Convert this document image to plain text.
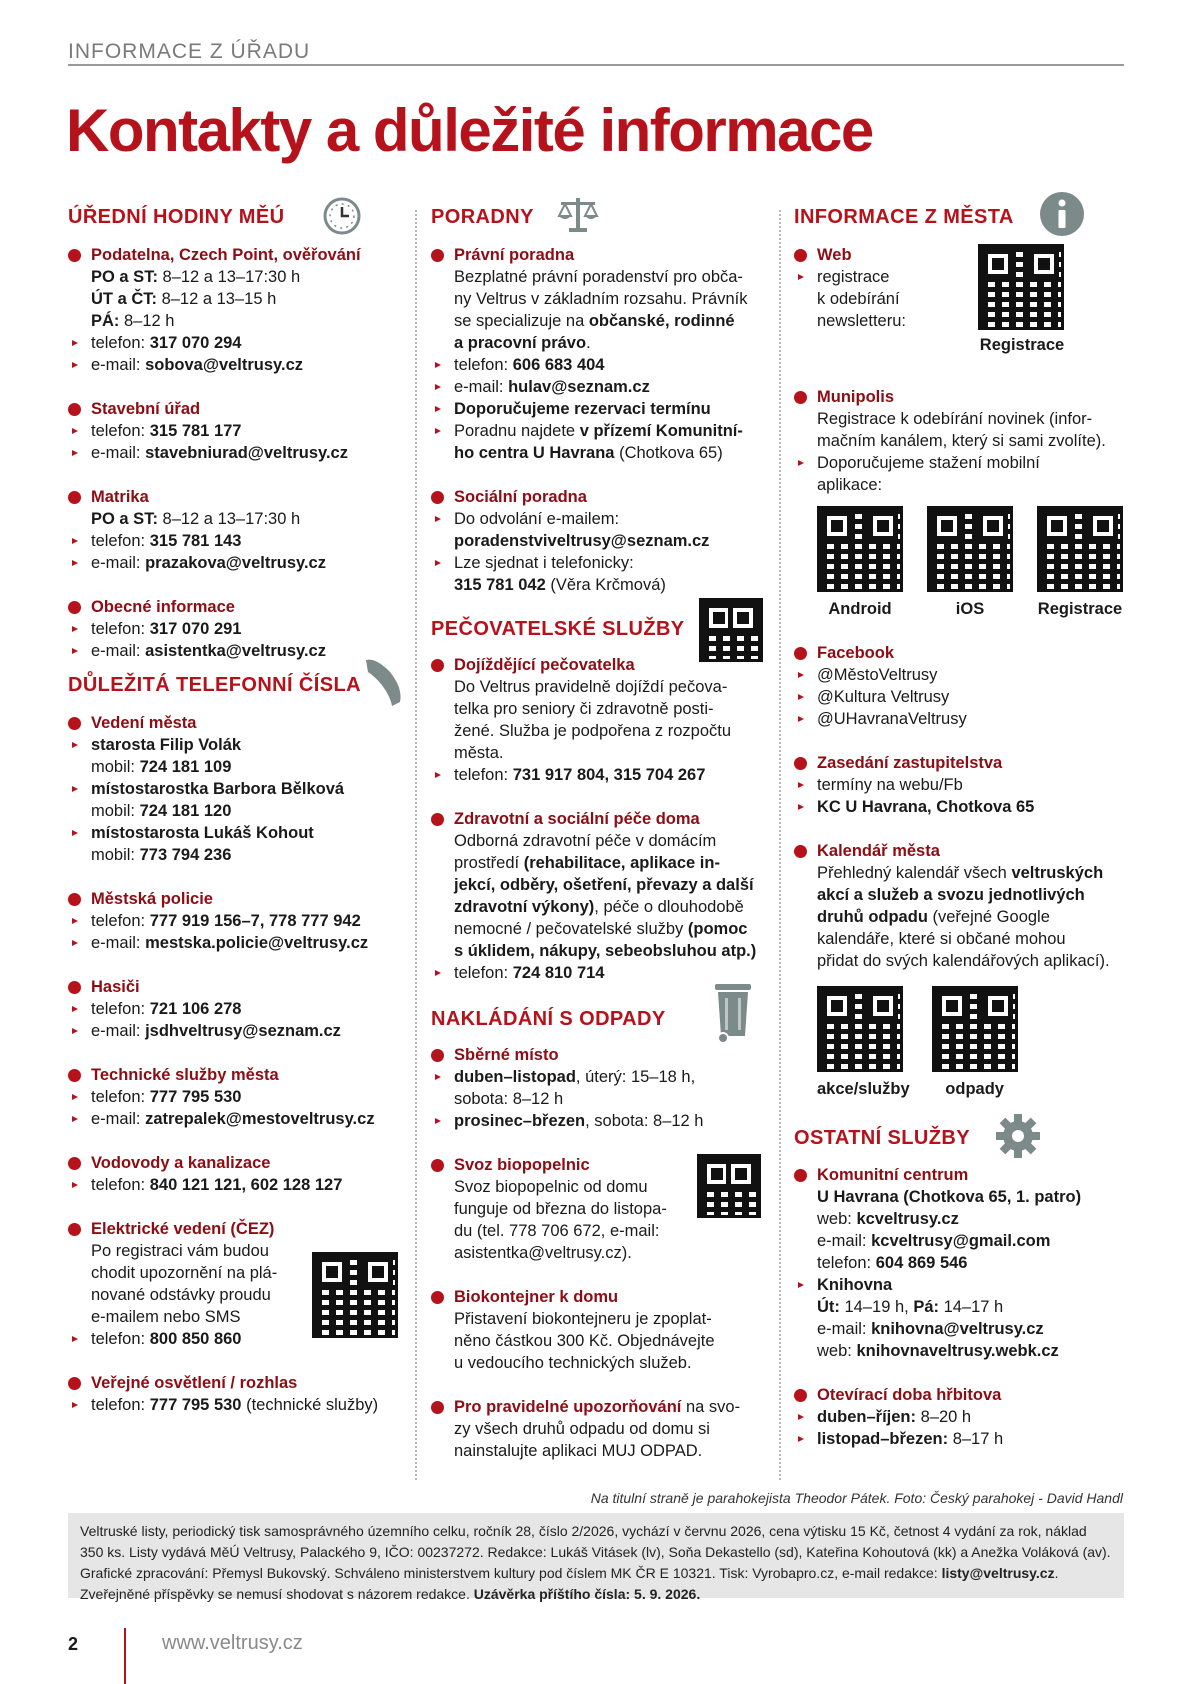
INFORMACE Z ÚŘADU
Kontakty a důležité informace
ÚŘEDNÍ HODINY MĚÚ
Podatelna, Czech Point, ověřování
PO a ST: 8–12 a 13–17:30 h
ÚT a ČT: 8–12 a 13–15 h
PÁ: 8–12 h
telefon: 317 070 294
e-mail: sobova@veltrusy.cz
Stavební úřad
telefon: 315 781 177
e-mail: stavebniurad@veltrusy.cz
Matrika
PO a ST: 8–12 a 13–17:30 h
telefon: 315 781 143
e-mail: prazakova@veltrusy.cz
Obecné informace
telefon: 317 070 291
e-mail: asistentka@veltrusy.cz
DŮLEŽITÁ TELEFONNÍ ČÍSLA
Vedení města
starosta Filip Volák
mobil: 724 181 109
místostarostka Barbora Bělková
mobil: 724 181 120
místostarosta Lukáš Kohout
mobil: 773 794 236
Městská policie
telefon: 777 919 156–7, 778 777 942
e-mail: mestska.policie@veltrusy.cz
Hasiči
telefon: 721 106 278
e-mail: jsdhveltrusy@seznam.cz
Technické služby města
telefon: 777 795 530
e-mail: zatrepalek@mestoveltrusy.cz
Vodovody a kanalizace
telefon: 840 121 121, 602 128 127
Elektrické vedení (ČEZ)
Po registraci vám budou
chodit upozornění na plá-
nované odstávky proudu
e-mailem nebo SMS
telefon: 800 850 860
Veřejné osvětlení / rozhlas
telefon: 777 795 530 (technické služby)
PORADNY
Právní poradna
Bezplatné právní poradenství pro obča-
ny Veltrus v základním rozsahu. Právník
se specializuje na občanské, rodinné
a pracovní právo.
telefon: 606 683 404
e-mail: hulav@seznam.cz
Doporučujeme rezervaci termínu
Poradnu najdete v přízemí Komunitní-
ho centra U Havrana (Chotkova 65)
Sociální poradna
Do odvolání e-mailem:
poradenstviveltrusy@seznam.cz
Lze sjednat i telefonicky:
315 781 042 (Věra Krčmová)
PEČOVATELSKÉ SLUŽBY
Dojíždějící pečovatelka
Do Veltrus pravidelně dojíždí pečova-
telka pro seniory či zdravotně posti-
žené. Služba je podpořena z rozpočtu
města.
telefon: 731 917 804, 315 704 267
Zdravotní a sociální péče doma
Odborná zdravotní péče v domácím
prostředí (rehabilitace, aplikace in-
jekcí, odběry, ošetření, převazy a další
zdravotní výkony), péče o dlouhodobě
nemocné / pečovatelské služby (pomoc
s úklidem, nákupy, sebeobsluhou atp.)
telefon: 724 810 714
NAKLÁDÁNÍ S ODPADY
Sběrné místo
duben–listopad, úterý: 15–18 h,
sobota: 8–12 h
prosinec–březen, sobota: 8–12 h
Svoz biopopelnic
Svoz biopopelnic od domu
funguje od března do listopa-
du (tel. 778 706 672, e-mail:
asistentka@veltrusy.cz).
Biokontejner k domu
Přistavení biokontejneru je zpoplat-
něno částkou 300 Kč. Objednávejte
u vedoucího technických služeb.
Pro pravidelné upozorňování na svo-
zy všech druhů odpadu od domu si
nainstalujte aplikaci MUJ ODPAD.
INFORMACE Z MĚSTA
Web
registrace
k odebírání
newsletteru:
Registrace
Munipolis
Registrace k odebírání novinek (infor-
mačním kanálem, který si sami zvolíte).
Doporučujeme stažení mobilní
aplikace:
Android	iOS	Registrace
Facebook
@MěstoVeltrusy
@Kultura Veltrusy
@UHavranaVeltrusy
Zasedání zastupitelstva
termíny na webu/Fb
KC U Havrana, Chotkova 65
Kalendář města
Přehledný kalendář všech veltruských
akcí a služeb a svozu jednotlivých
druhů odpadu (veřejné Google
kalendáře, které si občané mohou
přidat do svých kalendářových aplikací).
akce/služby	odpady
OSTATNÍ SLUŽBY
Komunitní centrum
U Havrana (Chotkova 65, 1. patro)
web: kcveltrusy.cz
e-mail: kcveltrusy@gmail.com
telefon: 604 869 546
Knihovna
Út: 14–19 h, Pá: 14–17 h
e-mail: knihovna@veltrusy.cz
web: knihovnaveltrusy.webk.cz
Otevírací doba hřbitova
duben–říjen: 8–20 h
listopad–březen: 8–17 h
Na titulní straně je parahokejista Theodor Pátek. Foto: Český parahokej - David Handl
Veltruské listy, periodický tisk samosprávného územního celku, ročník 28, číslo 2/2026, vychází v červnu 2026, cena výtisku 15 Kč, četnost 4 vydání za rok, náklad 350 ks. Listy vydává MěÚ Veltrusy, Palackého 9, IČO: 00237272. Redakce: Lukáš Vitásek (lv), Soňa Dekastello (sd), Kateřina Kohoutová (kk) a Anežka Voláková (av). Grafické zpracování: Přemysl Bukovský. Schváleno ministerstvem kultury pod číslem MK ČR E 10321. Tisk: Vyrobapro.cz, e-mail redakce: listy@veltrusy.cz. Zveřejněné příspěvky se nemusí shodovat s názorem redakce. Uzávěrka příštího čísla: 5. 9. 2026.
2	www.veltrusy.cz
